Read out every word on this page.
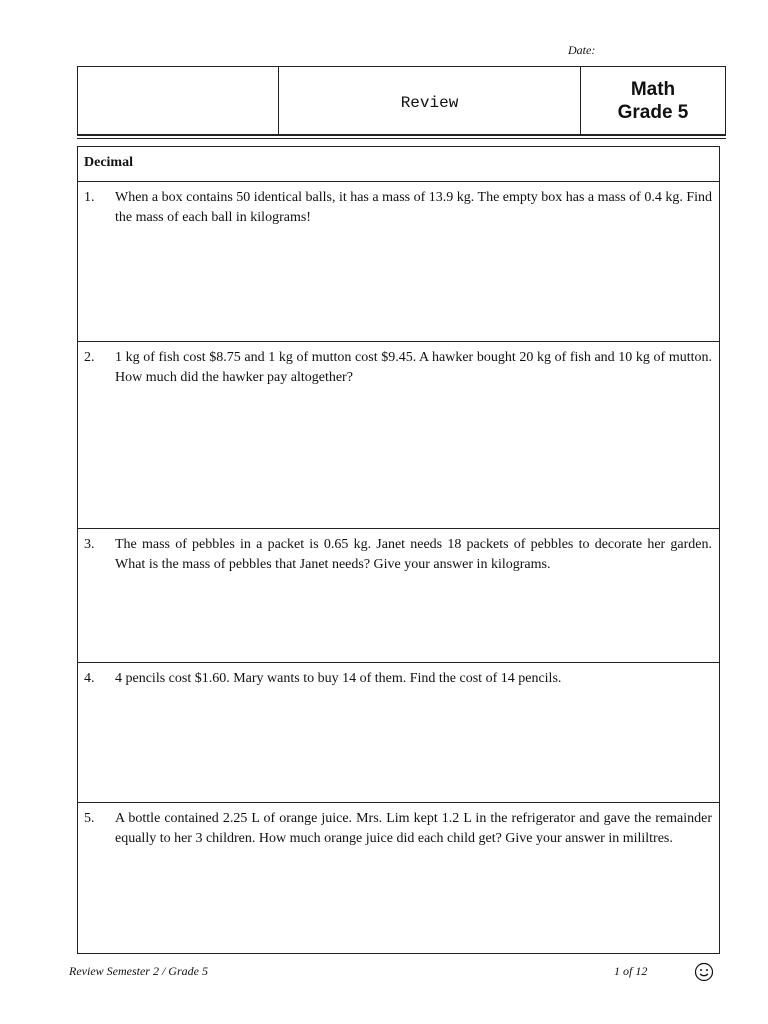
Date:
Review
Math
Grade 5
Decimal
1.	When a box contains 50 identical balls, it has a mass of 13.9 kg. The empty box has a mass of 0.4 kg. Find the mass of each ball in kilograms!
2.	1 kg of fish cost $8.75 and 1 kg of mutton cost $9.45. A hawker bought 20 kg of fish and 10 kg of mutton. How much did the hawker pay altogether?
3.	The mass of pebbles in a packet is 0.65 kg. Janet needs 18 packets of pebbles to decorate her garden. What is the mass of pebbles that Janet needs? Give your answer in kilograms.
4.	4 pencils cost $1.60. Mary wants to buy 14 of them. Find the cost of 14 pencils.
5.	A bottle contained 2.25 L of orange juice. Mrs. Lim kept 1.2 L in the refrigerator and gave the remainder equally to her 3 children. How much orange juice did each child get? Give your answer in mililtres.
Review Semester 2 / Grade 5	1 of 12
